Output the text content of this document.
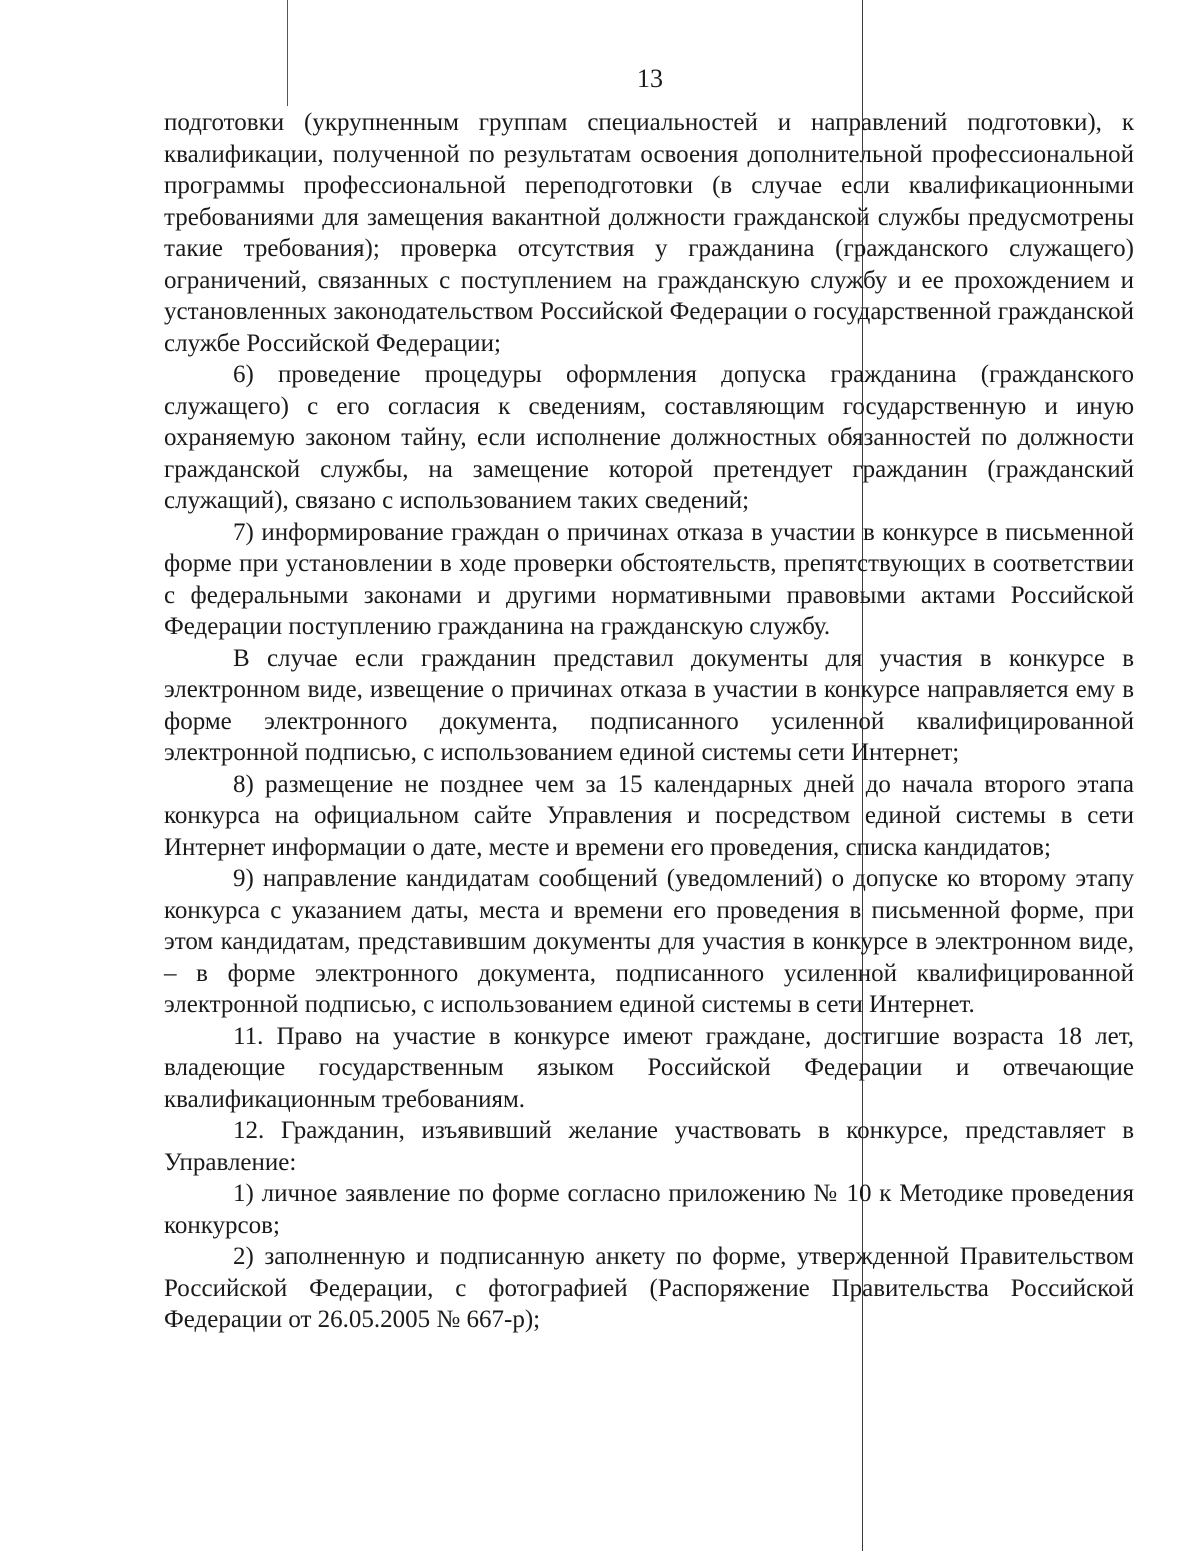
13

подготовки (укрупненным группам специальностей и направлений подготовки), к квалификации, полученной по результатам освоения дополнительной профессиональной программы профессиональной переподготовки (в случае если квалификационными требованиями для замещения вакантной должности гражданской службы предусмотрены такие требования); проверка отсутствия у гражданина (гражданского служащего) ограничений, связанных с поступлением на гражданскую службу и ее прохождением и установленных законодательством Российской Федерации о государственной гражданской службе Российской Федерации;

6) проведение процедуры оформления допуска гражданина (гражданского служащего) с его согласия к сведениям, составляющим государственную и иную охраняемую законом тайну, если исполнение должностных обязанностей по должности гражданской службы, на замещение которой претендует гражданин (гражданский служащий), связано с использованием таких сведений;

7) информирование граждан о причинах отказа в участии в конкурсе в письменной форме при установлении в ходе проверки обстоятельств, препятствующих в соответствии с федеральными законами и другими нормативными правовыми актами Российской Федерации поступлению гражданина на гражданскую службу.

В случае если гражданин представил документы для участия в конкурсе в электронном виде, извещение о причинах отказа в участии в конкурсе направляется ему в форме электронного документа, подписанного усиленной квалифицированной электронной подписью, с использованием единой системы сети Интернет;

8) размещение не позднее чем за 15 календарных дней до начала второго этапа конкурса на официальном сайте Управления и посредством единой системы в сети Интернет информации о дате, месте и времени его проведения, списка кандидатов;

9) направление кандидатам сообщений (уведомлений) о допуске ко второму этапу конкурса с указанием даты, места и времени его проведения в письменной форме, при этом кандидатам, представившим документы для участия в конкурсе в электронном виде, – в форме электронного документа, подписанного усиленной квалифицированной электронной подписью, с использованием единой системы в сети Интернет.

11. Право на участие в конкурсе имеют граждане, достигшие возраста 18 лет, владеющие государственным языком Российской Федерации и отвечающие квалификационным требованиям.

12. Гражданин, изъявивший желание участвовать в конкурсе, представляет в Управление:

1) личное заявление по форме согласно приложению № 10 к Методике проведения конкурсов;

2) заполненную и подписанную анкету по форме, утвержденной Правительством Российской Федерации, с фотографией (Распоряжение Правительства Российской Федерации от 26.05.2005 № 667-р);
